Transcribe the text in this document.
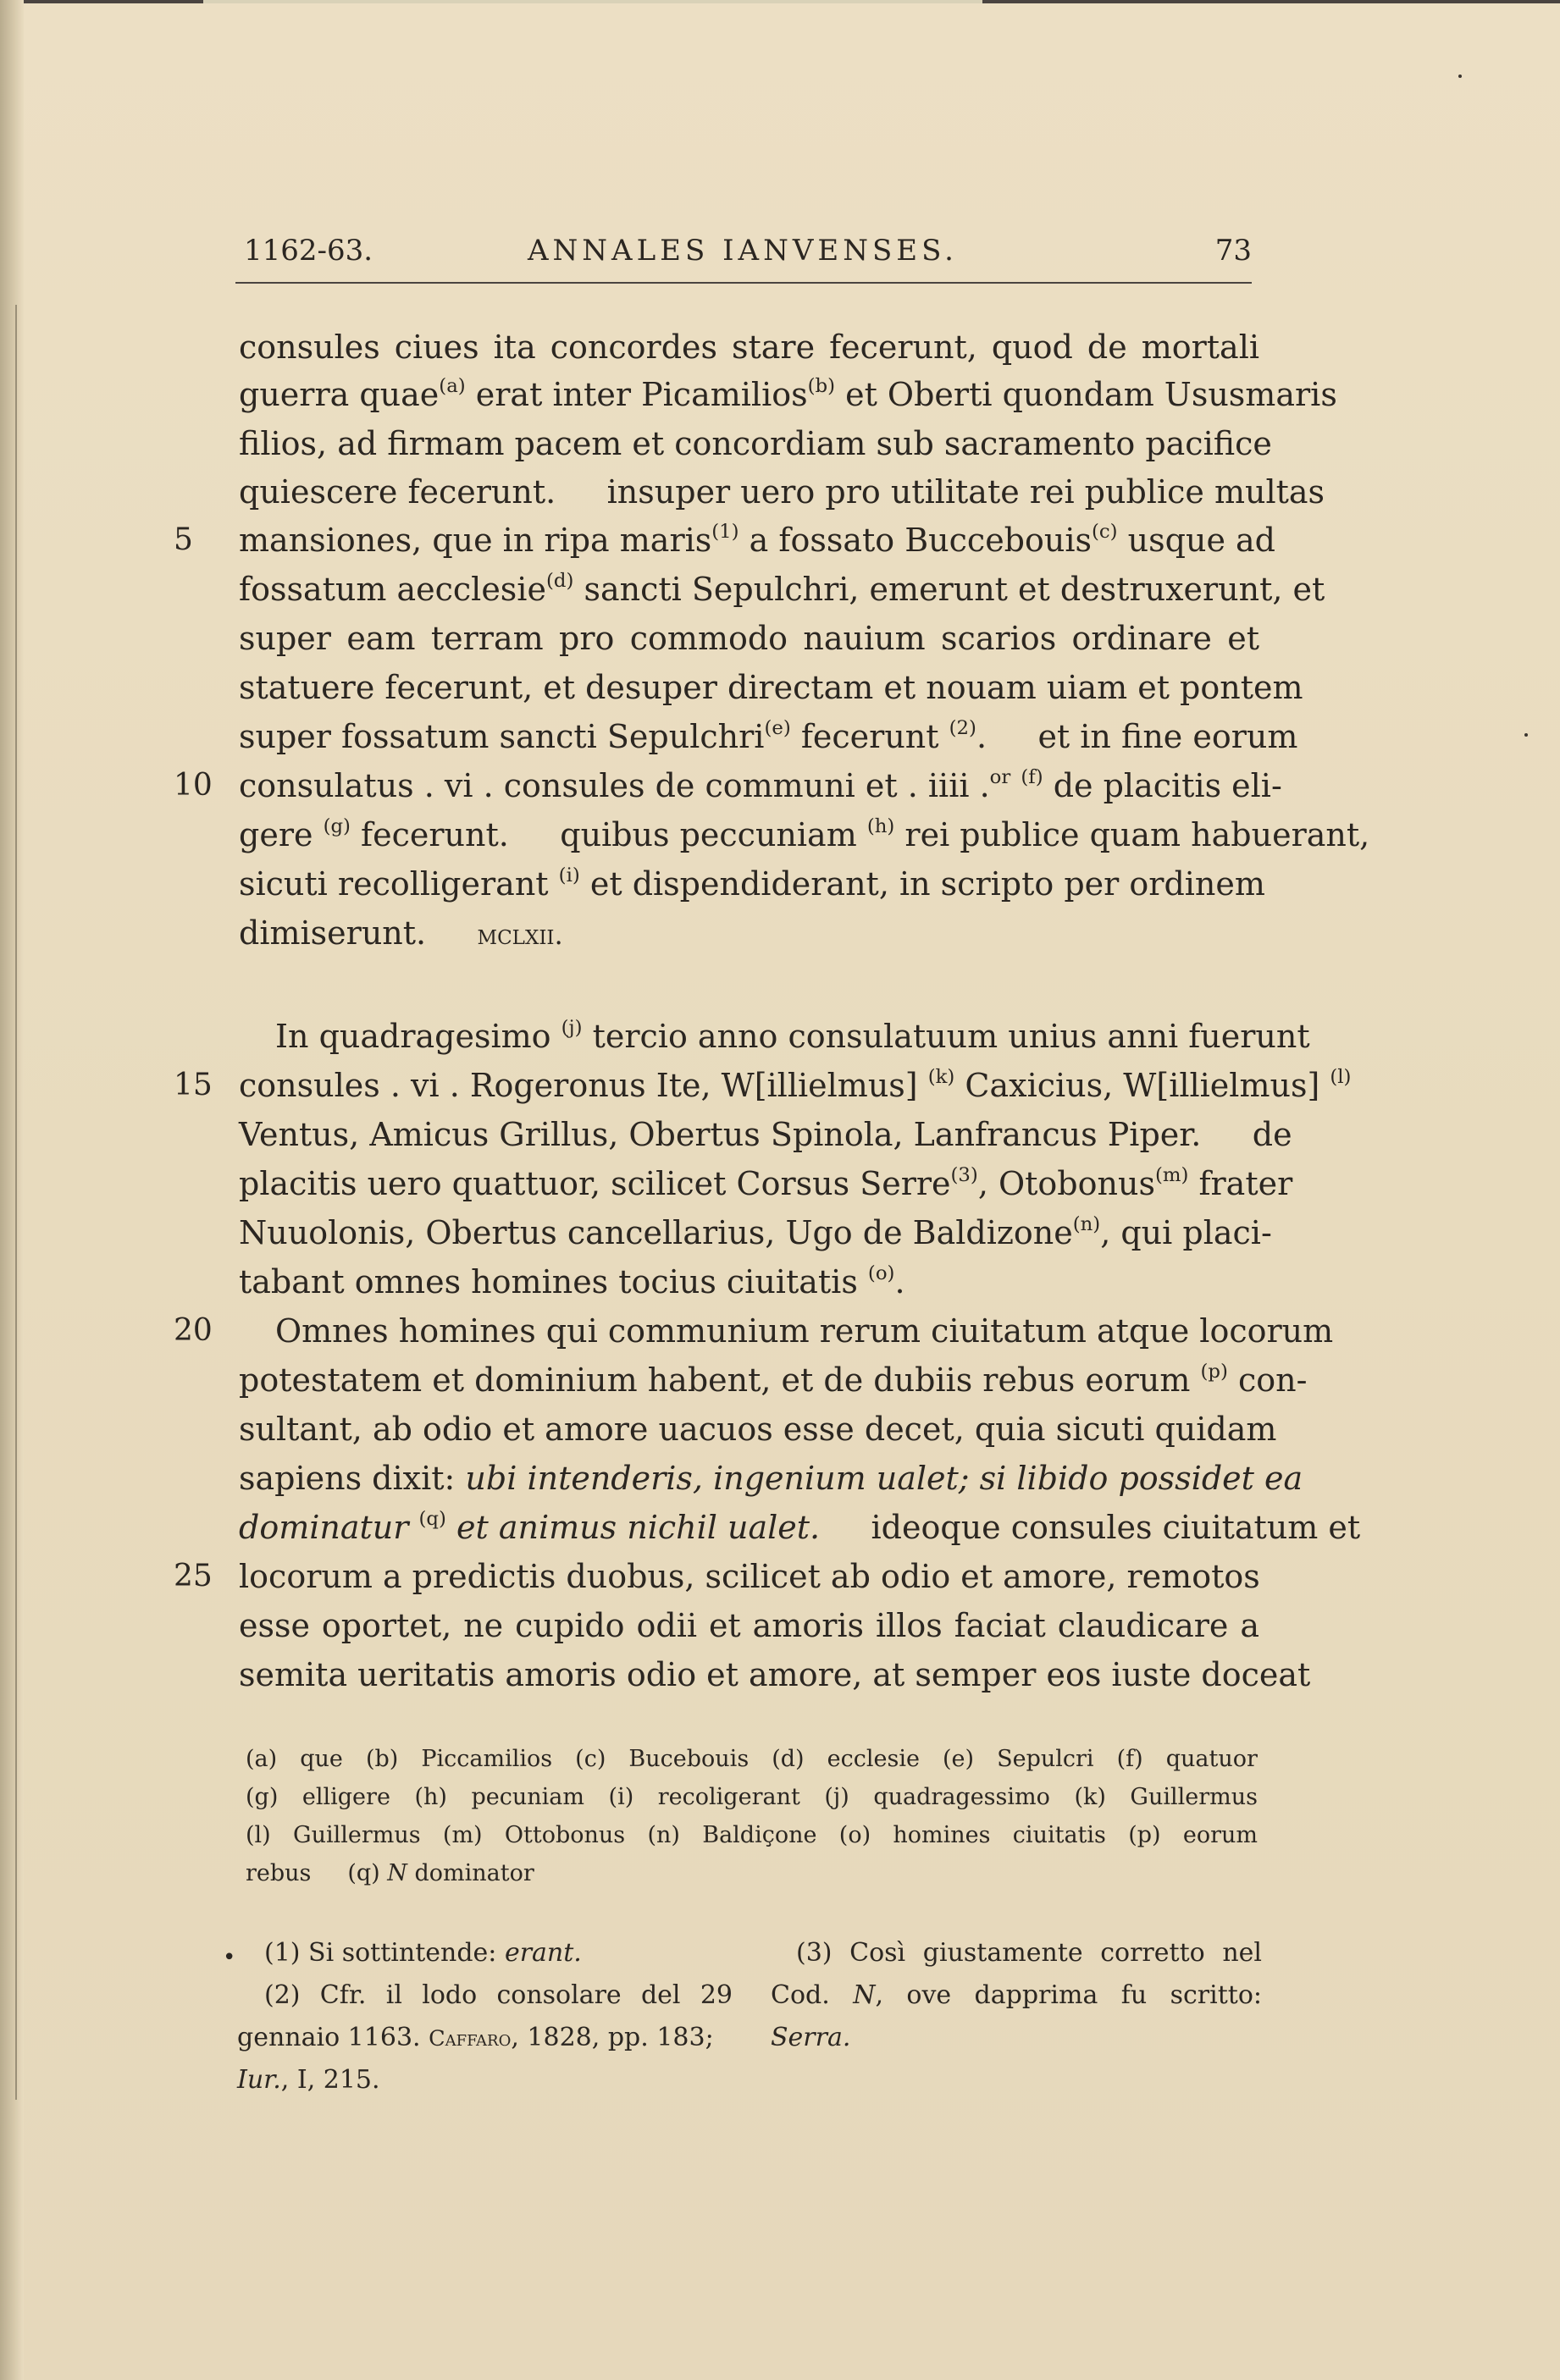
1162-63.	ANNALES IANVENSES.	73
consules ciues ita concordes stare fecerunt, quod de mortali
guerra quae$^{(a)}$ erat inter Picamilios$^{(b)}$ et Oberti quondam Ususmaris
filios, ad firmam pacem et concordiam sub sacramento pacifice
quiescere fecerunt. insuper uero pro utilitate rei publice multas
5 mansiones, que in ripa maris$^{(1)}$ a fossato Buccebouis$^{(c)}$ usque ad
fossatum aecclesie$^{(d)}$ sancti Sepulchri, emerunt et destruxerunt, et
super eam terram pro commodo nauium scarios ordinare et
statuere fecerunt, et desuper directam et nouam uiam et pontem
super fossatum sancti Sepulchri$^{(e)}$ fecerunt $^{(2)}$. et in fine eorum
10 consulatus . vi . consules de communi et . iiii .$^{or}$ $^{(f)}$ de placitis eli-
gere $^{(g)}$ fecerunt. quibus peccuniam $^{(h)}$ rei publice quam habuerant,
sicuti recolligerant $^{(i)}$ et dispendiderant, in scripto per ordinem
dimiserunt. mclxii.
In quadragesimo $^{(j)}$ tercio anno consulatuum unius anni fuerunt
15 consules . vi . Rogeronus Ite, W[illielmus] $^{(k)}$ Caxicius, W[illielmus] $^{(l)}$
Ventus, Amicus Grillus, Obertus Spinola, Lanfrancus Piper. de
placitis uero quattuor, scilicet Corsus Serre$^{(3)}$, Otobonus$^{(m)}$ frater
Nuuolonis, Obertus cancellarius, Ugo de Baldizone$^{(n)}$, qui placi-
tabant omnes homines tocius ciuitatis $^{(o)}$.
20 Omnes homines qui communium rerum ciuitatum atque locorum
potestatem et dominium habent, et de dubiis rebus eorum $^{(p)}$ con-
sultant, ab odio et amore uacuos esse decet, quia sicuti quidam
sapiens dixit: ubi intenderis, ingenium ualet; si libido possidet ea
dominatur $^{(q)}$ et animus nichil ualet. ideoque consules ciuitatum et
25 locorum a predictis duobus, scilicet ab odio et amore, remotos
esse oportet, ne cupido odii et amoris illos faciat claudicare a
semita ueritatis amoris odio et amore, at semper eos iuste doceat
(a) que (b) Piccamilios (c) Bucebouis (d) ecclesie (e) Sepulcri (f) quatuor
(g) elligere (h) pecuniam (i) recoligerant (j) quadragessimo (k) Guillermus
(l) Guillermus (m) Ottobonus (n) Baldiçone (o) homines ciuitatis (p) eorum
rebus (q) N dominator
• (1) Si sottintende: erant.
(2) Cfr. il lodo consolare del 29
gennaio 1163. Caffaro, 1828, pp. 183;
Iur., I, 215.
(3) Così giustamente corretto nel
Cod. N, ove dapprima fu scritto:
Serra.
